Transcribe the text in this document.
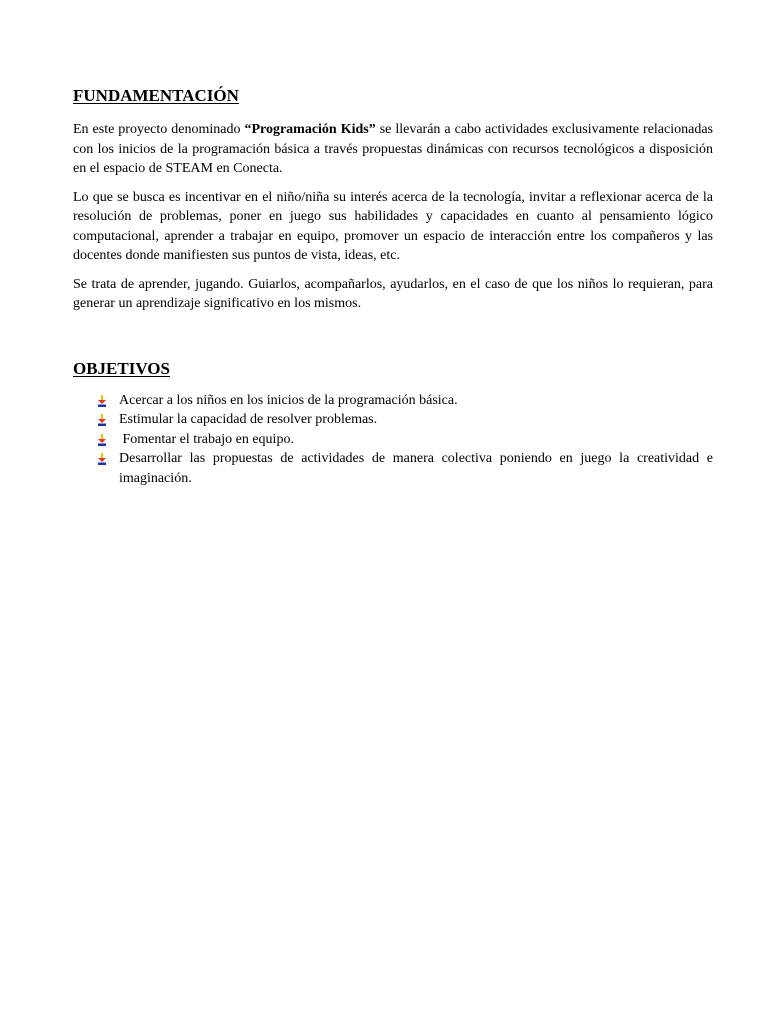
FUNDAMENTACIÓN

En este proyecto denominado “Programación Kids” se llevarán a cabo actividades exclusivamente relacionadas con los inicios de la programación básica a través propuestas dinámicas con recursos tecnológicos a disposición en el espacio de STEAM en Conecta.

Lo que se busca es incentivar en el niño/niña su interés acerca de la tecnología, invitar a reflexionar acerca de la resolución de problemas, poner en juego sus habilidades y capacidades en cuanto al pensamiento lógico computacional, aprender a trabajar en equipo, promover un espacio de interacción entre los compañeros y las docentes donde manifiesten sus puntos de vista, ideas, etc.

Se trata de aprender, jugando. Guiarlos, acompañarlos, ayudarlos, en el caso de que los niños lo requieran, para generar un aprendizaje significativo en los mismos.

OBJETIVOS
Acercar a los niños en los inicios de la programación básica.
Estimular la capacidad de resolver problemas.
Fomentar el trabajo en equipo.
Desarrollar las propuestas de actividades de manera colectiva poniendo en juego la creatividad e imaginación.
